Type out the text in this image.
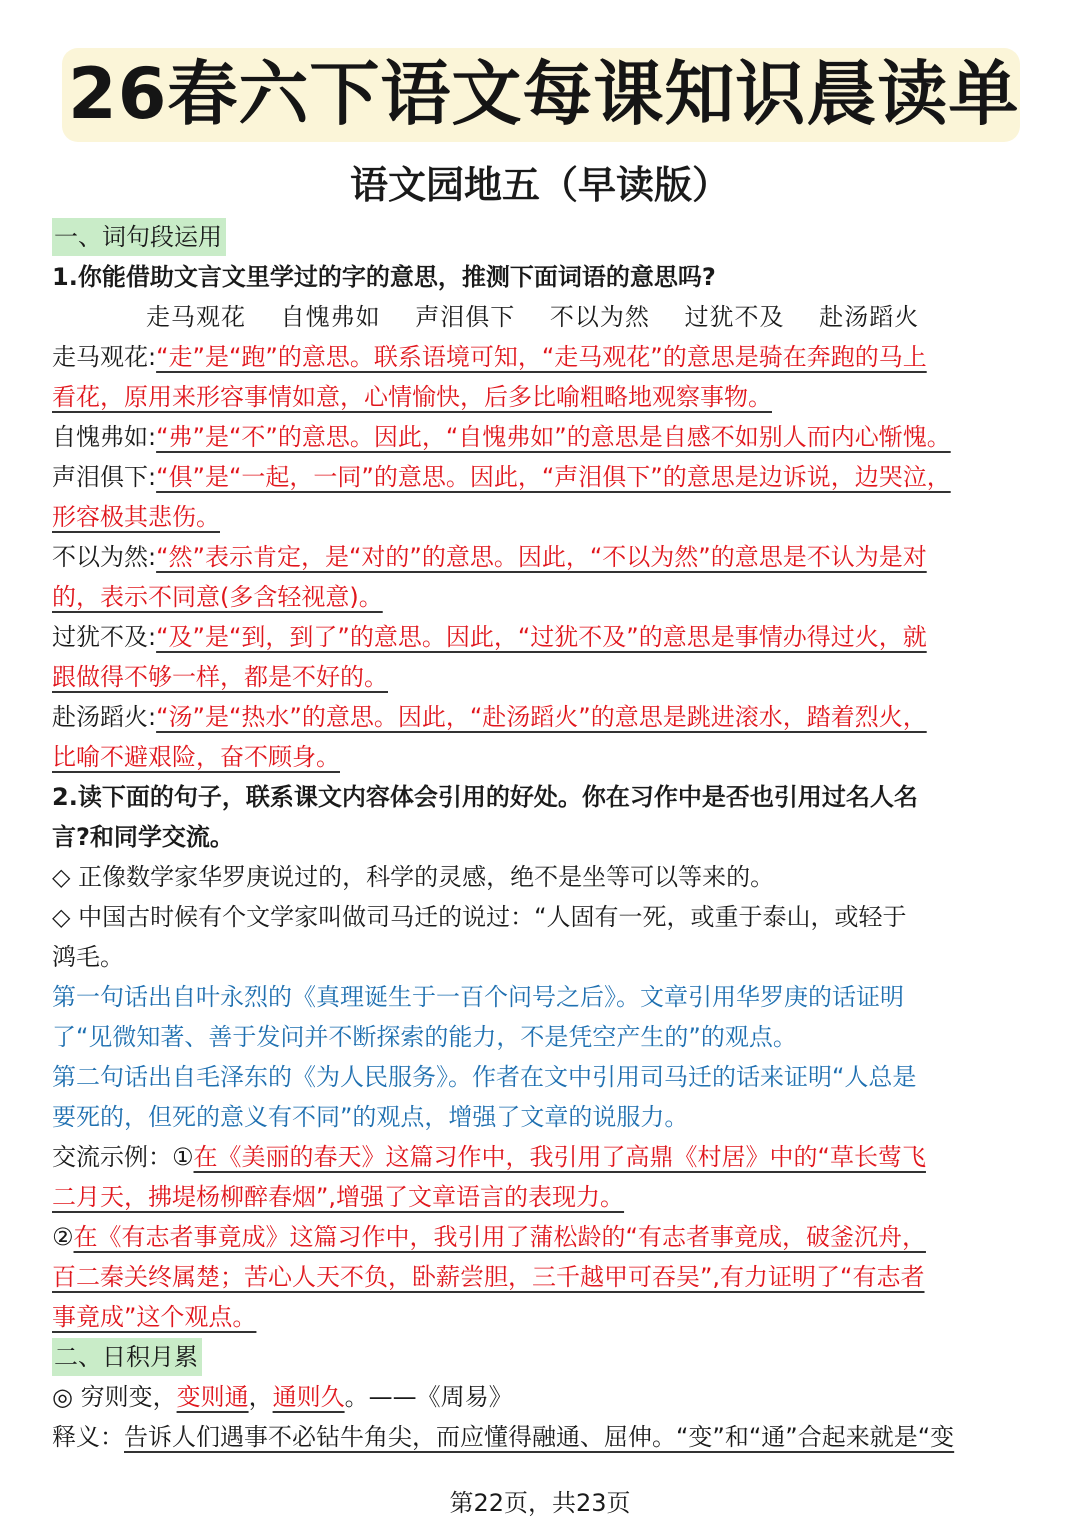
26春六下语文每课知识晨读单
语文园地五（早读版）
一、词句段运用
1.你能借助文言文里学过的字的意思，推测下面词语的意思吗?
走马观花 自愧弗如 声泪俱下 不以为然 过犹不及 赴汤蹈火
走马观花:“走”是“跑”的意思。联系语境可知，“走马观花”的意思是骑在奔跑的马上
看花，原用来形容事情如意，心情愉快，后多比喻粗略地观察事物。
自愧弗如:“弗”是“不”的意思。因此，“自愧弗如”的意思是自感不如别人而内心惭愧。
声泪俱下:“俱”是“一起，一同”的意思。因此，“声泪俱下”的意思是边诉说，边哭泣，
形容极其悲伤。
不以为然:“然”表示肯定，是“对的”的意思。因此，“不以为然”的意思是不认为是对
的，表示不同意(多含轻视意)。
过犹不及:“及”是“到，到了”的意思。因此，“过犹不及”的意思是事情办得过火，就
跟做得不够一样，都是不好的。
赴汤蹈火:“汤”是“热水”的意思。因此，“赴汤蹈火”的意思是跳进滚水，踏着烈火，
比喻不避艰险，奋不顾身。
2.读下面的句子，联系课文内容体会引用的好处。你在习作中是否也引用过名人名
言?和同学交流。
◇ 正像数学家华罗庚说过的，科学的灵感，绝不是坐等可以等来的。
◇ 中国古时候有个文学家叫做司马迁的说过：“人固有一死，或重于泰山，或轻于
鸿毛。
第一句话出自叶永烈的《真理诞生于一百个问号之后》。文章引用华罗庚的话证明
了“见微知著、善于发问并不断探索的能力，不是凭空产生的”的观点。
第二句话出自毛泽东的《为人民服务》。作者在文中引用司马迁的话来证明“人总是
要死的，但死的意义有不同”的观点，增强了文章的说服力。
交流示例：①在《美丽的春天》这篇习作中，我引用了高鼎《村居》中的“草长莺飞
二月天，拂堤杨柳醉春烟”,增强了文章语言的表现力。
②在《有志者事竟成》这篇习作中，我引用了蒲松龄的“有志者事竟成，破釜沉舟，
百二秦关终属楚；苦心人天不负，卧薪尝胆，三千越甲可吞吴”,有力证明了“有志者
事竟成”这个观点。
二、日积月累
◎ 穷则变，变则通，通则久。——《周易》
释义：告诉人们遇事不必钻牛角尖，而应懂得融通、屈伸。“变”和“通”合起来就是“变
第22页，共23页
